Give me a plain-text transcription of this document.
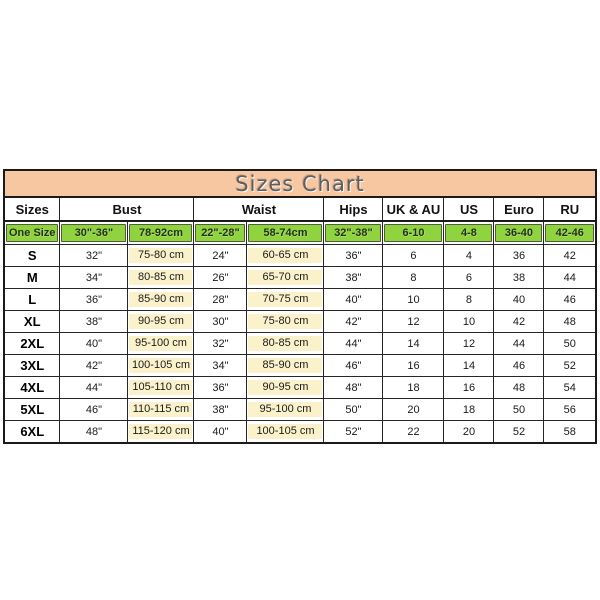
Sizes Chart									
Sizes	Bust		Waist		Hips	UK & AU	US	Euro	RU

One Size	30"-36"	78-92cm	22"-28"	58-74cm	32"-38"	6-10	4-8	36-40	42-46

S	32"	75-80 cm	24"	60-65 cm	36"	6	4	36	42
M	34"	80-85 cm	26"	65-70 cm	38"	8	6	38	44
L	36"	85-90 cm	28"	70-75 cm	40"	10	8	40	46
XL	38"	90-95 cm	30"	75-80 cm	42"	12	10	42	48
2XL	40"	95-100 cm	32"	80-85 cm	44"	14	12	44	50
3XL	42"	100-105 cm	34"	85-90 cm	46"	16	14	46	52
4XL	44"	105-110 cm	36"	90-95 cm	48"	18	16	48	54
5XL	46"	110-115 cm	38"	95-100 cm	50"	20	18	50	56
6XL	48"	115-120 cm	40"	100-105 cm	52"	22	20	52	58
